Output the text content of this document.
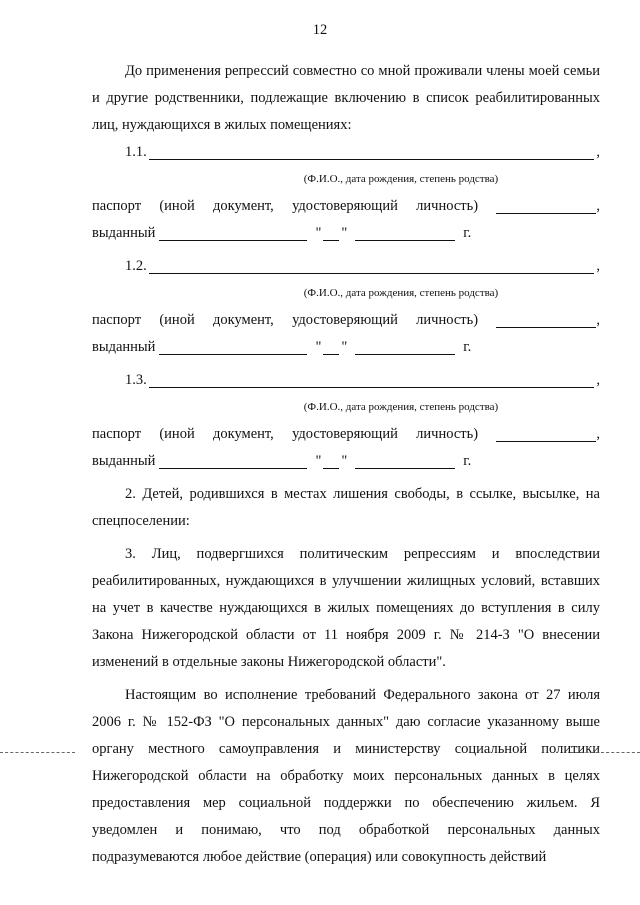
12

До применения репрессий совместно со мной проживали члены моей семьи и другие родственники, подлежащие включению в список реабилитированных лиц, нуждающихся в жилых помещениях:

1.1.	,
(Ф.И.О., дата рождения, степень родства)
паспорт (иной документ, удостоверяющий личность)	,
выданный	" "	г.
1.2.	,
(Ф.И.О., дата рождения, степень родства)
паспорт (иной документ, удостоверяющий личность)	,
выданный	" "	г.
1.3.	,
(Ф.И.О., дата рождения, степень родства)
паспорт (иной документ, удостоверяющий личность)	,
выданный	" "	г.

2. Детей, родившихся в местах лишения свободы, в ссылке, высылке, на спецпоселении:

3. Лиц, подвергшихся политическим репрессиям и впоследствии реабилитированных, нуждающихся в улучшении жилищных условий, вставших на учет в качестве нуждающихся в жилых помещениях до вступления в силу Закона Нижегородской области от 11 ноября 2009 г. № 214-З "О внесении изменений в отдельные законы Нижегородской области".

Настоящим во исполнение требований Федерального закона от 27 июля 2006 г. № 152-ФЗ "О персональных данных" даю согласие указанному выше органу местного самоуправления и министерству социальной политики Нижегородской области на обработку моих персональных данных в целях предоставления мер социальной поддержки по обеспечению жильем. Я уведомлен и понимаю, что под обработкой персональных данных подразумеваются любое действие (операция) или совокупность действий
